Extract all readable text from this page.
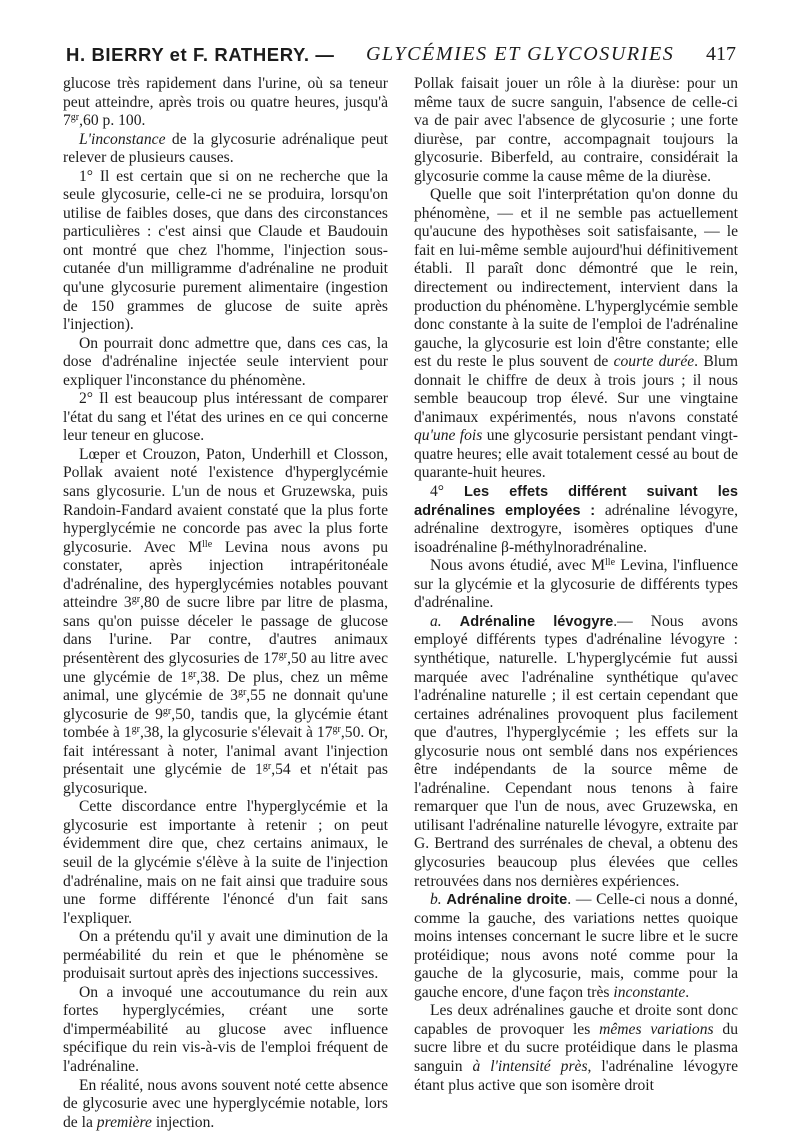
H. BIERRY et F. RATHERY. — GLYCÉMIES ET GLYCOSURIES 417

glucose très rapidement dans l'urine, où sa teneur peut atteindre, après trois ou quatre heures, jusqu'à $7^{gr},60$ p. 100.

L'inconstance de la glycosurie adrénalique peut relever de plusieurs causes.

1° Il est certain que si on ne recherche que la seule glycosurie, celle-ci ne se produira, lorsqu'on utilise de faibles doses, que dans des circonstances particulières : c'est ainsi que Claude et Baudouin ont montré que chez l'homme, l'injection sous-cutanée d'un milligramme d'adrénaline ne produit qu'une glycosurie purement alimentaire (ingestion de 150 grammes de glucose de suite après l'injection).

On pourrait donc admettre que, dans ces cas, la dose d'adrénaline injectée seule intervient pour expliquer l'inconstance du phénomène.

2° Il est beaucoup plus intéressant de comparer l'état du sang et l'état des urines en ce qui concerne leur teneur en glucose.

Lœper et Crouzon, Paton, Underhill et Closson, Pollak avaient noté l'existence d'hyperglycémie sans glycosurie. L'un de nous et Gruzewska, puis Randoin-Fandard avaient constaté que la plus forte hyperglycémie ne concorde pas avec la plus forte glycosurie. Avec $M^{lle}$ Levina nous avons pu constater, après injection intrapéritonéale d'adrénaline, des hyperglycémies notables pouvant atteindre $3^{gr},80$ de sucre libre par litre de plasma, sans qu'on puisse déceler le passage de glucose dans l'urine. Par contre, d'autres animaux présentèrent des glycosuries de $17^{gr},50$ au litre avec une glycémie de $1^{gr},38$. De plus, chez un même animal, une glycémie de $3^{gr},55$ ne donnait qu'une glycosurie de $9^{gr},50$, tandis que, la glycémie étant tombée à $1^{gr},38$, la glycosurie s'élevait à $17^{gr},50$. Or, fait intéressant à noter, l'animal avant l'injection présentait une glycémie de $1^{gr},54$ et n'était pas glycosurique.

Cette discordance entre l'hyperglycémie et la glycosurie est importante à retenir ; on peut évidemment dire que, chez certains animaux, le seuil de la glycémie s'élève à la suite de l'injection d'adrénaline, mais on ne fait ainsi que traduire sous une forme différente l'énoncé d'un fait sans l'expliquer.

On a prétendu qu'il y avait une diminution de la perméabilité du rein et que le phénomène se produisait surtout après des injections successives.

On a invoqué une accoutumance du rein aux fortes hyperglycémies, créant une sorte d'imperméabilité au glucose avec influence spécifique du rein vis-à-vis de l'emploi fréquent de l'adrénaline.

En réalité, nous avons souvent noté cette absence de glycosurie avec une hyperglycémie notable, lors de la première injection.

Pollak faisait jouer un rôle à la diurèse: pour un même taux de sucre sanguin, l'absence de celle-ci va de pair avec l'absence de glycosurie ; une forte diurèse, par contre, accompagnait toujours la glycosurie. Biberfeld, au contraire, considérait la glycosurie comme la cause même de la diurèse.

Quelle que soit l'interprétation qu'on donne du phénomène, — et il ne semble pas actuellement qu'aucune des hypothèses soit satisfaisante, — le fait en lui-même semble aujourd'hui définitivement établi. Il paraît donc démontré que le rein, directement ou indirectement, intervient dans la production du phénomène. L'hyperglycémie semble donc constante à la suite de l'emploi de l'adrénaline gauche, la glycosurie est loin d'être constante; elle est du reste le plus souvent de courte durée. Blum donnait le chiffre de deux à trois jours ; il nous semble beaucoup trop élevé. Sur une vingtaine d'animaux expérimentés, nous n'avons constaté qu'une fois une glycosurie persistant pendant vingt-quatre heures; elle avait totalement cessé au bout de quarante-huit heures.

4° Les effets différent suivant les adrénalines employées : adrénaline lévogyre, adrénaline dextrogyre, isomères optiques d'une isoadrénaline β-méthylnoradrénaline.

Nous avons étudié, avec $M^{lle}$ Levina, l'influence sur la glycémie et la glycosurie de différents types d'adrénaline.

a. Adrénaline lévogyre.— Nous avons employé différents types d'adrénaline lévogyre : synthétique, naturelle. L'hyperglycémie fut aussi marquée avec l'adrénaline synthétique qu'avec l'adrénaline naturelle ; il est certain cependant que certaines adrénalines provoquent plus facilement que d'autres, l'hyperglycémie ; les effets sur la glycosurie nous ont semblé dans nos expériences être indépendants de la source même de l'adrénaline. Cependant nous tenons à faire remarquer que l'un de nous, avec Gruzewska, en utilisant l'adrénaline naturelle lévogyre, extraite par G. Bertrand des surrénales de cheval, a obtenu des glycosuries beaucoup plus élevées que celles retrouvées dans nos dernières expériences.

b. Adrénaline droite. — Celle-ci nous a donné, comme la gauche, des variations nettes quoique moins intenses concernant le sucre libre et le sucre protéidique; nous avons noté comme pour la gauche de la glycosurie, mais, comme pour la gauche encore, d'une façon très inconstante.

Les deux adrénalines gauche et droite sont donc capables de provoquer les mêmes variations du sucre libre et du sucre protéidique dans le plasma sanguin à l'intensité près, l'adrénaline lévogyre étant plus active que son isomère droit
